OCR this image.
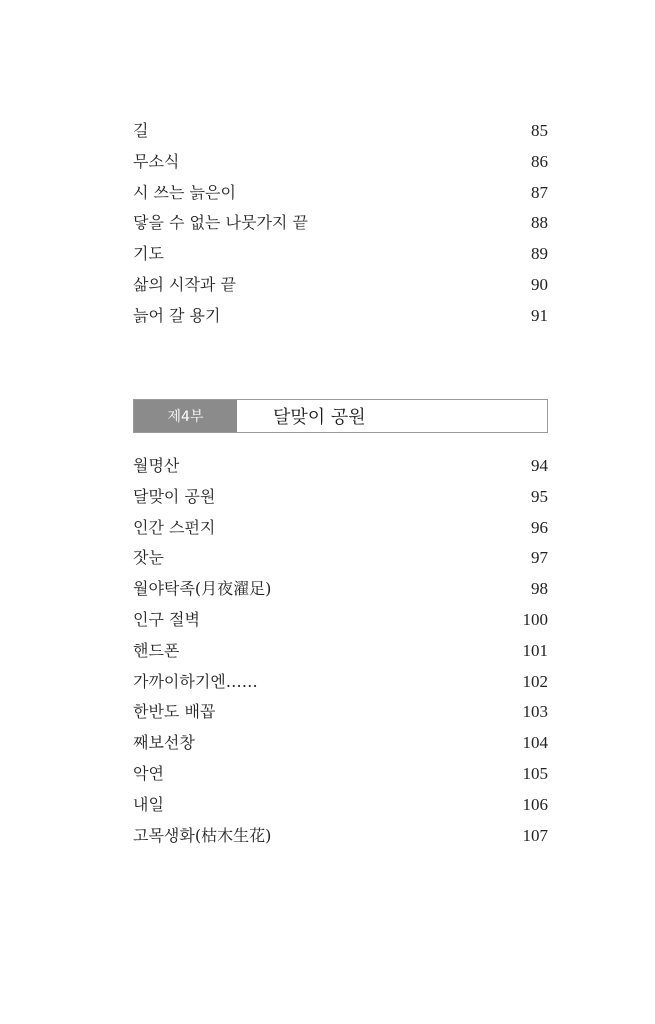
길	85
무소식	86
시 쓰는 늙은이	87
닿을 수 없는 나뭇가지 끝	88
기도	89
삶의 시작과 끝	90
늙어 갈 용기	91
제4부	달맞이 공원
월명산	94
달맞이 공원	95
인간 스펀지	96
잣눈	97
월야탁족(月夜濯足)	98
인구 절벽	100
핸드폰	101
가까이하기엔……	102
한반도 배꼽	103
째보선창	104
악연	105
내일	106
고목생화(枯木生花)	107
